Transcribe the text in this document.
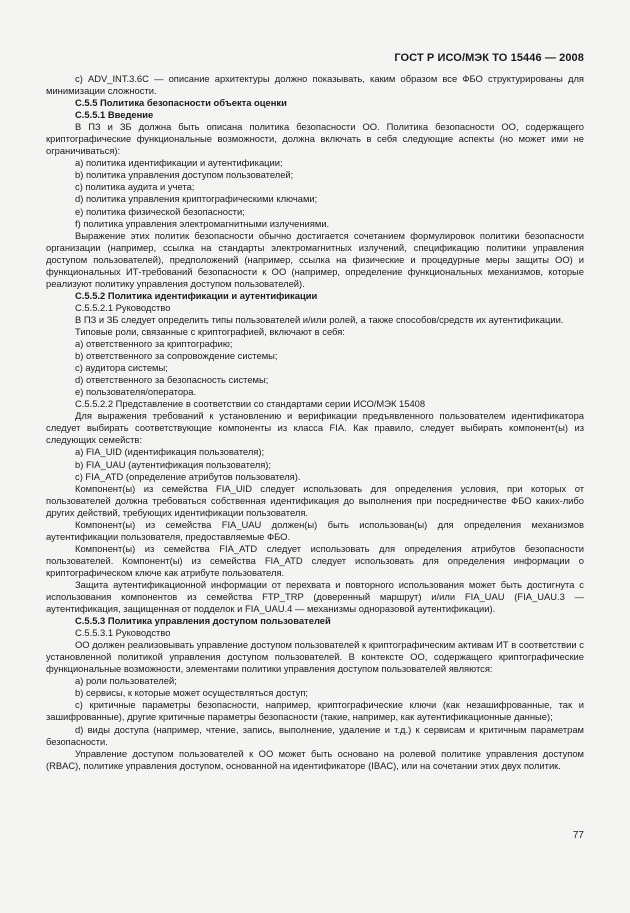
ГОСТ Р ИСО/МЭК ТО 15446 — 2008

с) ADV_INT.3.6C — описание архитектуры должно показывать, каким образом все ФБО структурированы для минимизации сложности.

C.5.5 Политика безопасности объекта оценки

C.5.5.1 Введение

В ПЗ и ЗБ должна быть описана политика безопасности ОО. Политика безопасности ОО, содержащего криптографические функциональные возможности, должна включать в себя следующие аспекты (но может ими не ограничиваться):

a) политика идентификации и аутентификации;

b) политика управления доступом пользователей;

c) политика аудита и учета;

d) политика управления криптографическими ключами;

e) политика физической безопасности;

f) политика управления электромагнитными излучениями.

Выражение этих политик безопасности обычно достигается сочетанием формулировок политики безопасности организации (например, ссылка на стандарты электромагнитных излучений, спецификацию политики управления доступом пользователей), предположений (например, ссылка на физические и процедурные меры защиты ОО) и функциональных ИТ-требований безопасности к ОО (например, определение функциональных механизмов, которые реализуют политику управления доступом пользователей).

C.5.5.2 Политика идентификации и аутентификации

C.5.5.2.1 Руководство

В ПЗ и ЗБ следует определить типы пользователей и/или ролей, а также способов/средств их аутентификации.

Типовые роли, связанные с криптографией, включают в себя:

a) ответственного за криптографию;

b) ответственного за сопровождение системы;

c) аудитора системы;

d) ответственного за безопасность системы;

e) пользователя/оператора.

C.5.5.2.2 Представление в соответствии со стандартами серии ИСО/МЭК 15408

Для выражения требований к установлению и верификации предъявленного пользователем идентификатора следует выбирать соответствующие компоненты из класса FIA. Как правило, следует выбирать компонент(ы) из следующих семейств:

a) FIA_UID (идентификация пользователя);

b) FIA_UAU (аутентификация пользователя);

c) FIA_ATD (определение атрибутов пользователя).

Компонент(ы) из семейства FIA_UID следует использовать для определения условия, при которых от пользователей должна требоваться собственная идентификация до выполнения при посредничестве ФБО каких-либо других действий, требующих идентификации пользователя.

Компонент(ы) из семейства FIA_UAU должен(ы) быть использован(ы) для определения механизмов аутентификации пользователя, предоставляемые ФБО.

Компонент(ы) из семейства FIA_ATD следует использовать для определения атрибутов безопасности пользователей. Компонент(ы) из семейства FIA_ATD следует использовать для определения информации о криптографическом ключе как атрибуте пользователя.

Защита аутентификационной информации от перехвата и повторного использования может быть достигнута с использования компонентов из семейства FTP_TRP (доверенный маршрут) и/или FIA_UAU (FIA_UAU.3 — аутентификация, защищенная от подделок и FIA_UAU.4 — механизмы одноразовой аутентификации).

C.5.5.3 Политика управления доступом пользователей

C.5.5.3.1 Руководство

ОО должен реализовывать управление доступом пользователей к криптографическим активам ИТ в соответствии с установленной политикой управления доступом пользователей. В контексте ОО, содержащего криптографические функциональные возможности, элементами политики управления доступом пользователей являются:

a) роли пользователей;

b) сервисы, к которые может осуществляться доступ;

c) критичные параметры безопасности, например, криптографические ключи (как незашифрованные, так и зашифрованные), другие критичные параметры безопасности (такие, например, как аутентификационные данные);

d) виды доступа (например, чтение, запись, выполнение, удаление и т.д.) к сервисам и критичным параметрам безопасности.

Управление доступом пользователей к ОО может быть основано на ролевой политике управления доступом (RBAC), политике управления доступом, основанной на идентификаторе (IBAC), или на сочетании этих двух политик.

77
